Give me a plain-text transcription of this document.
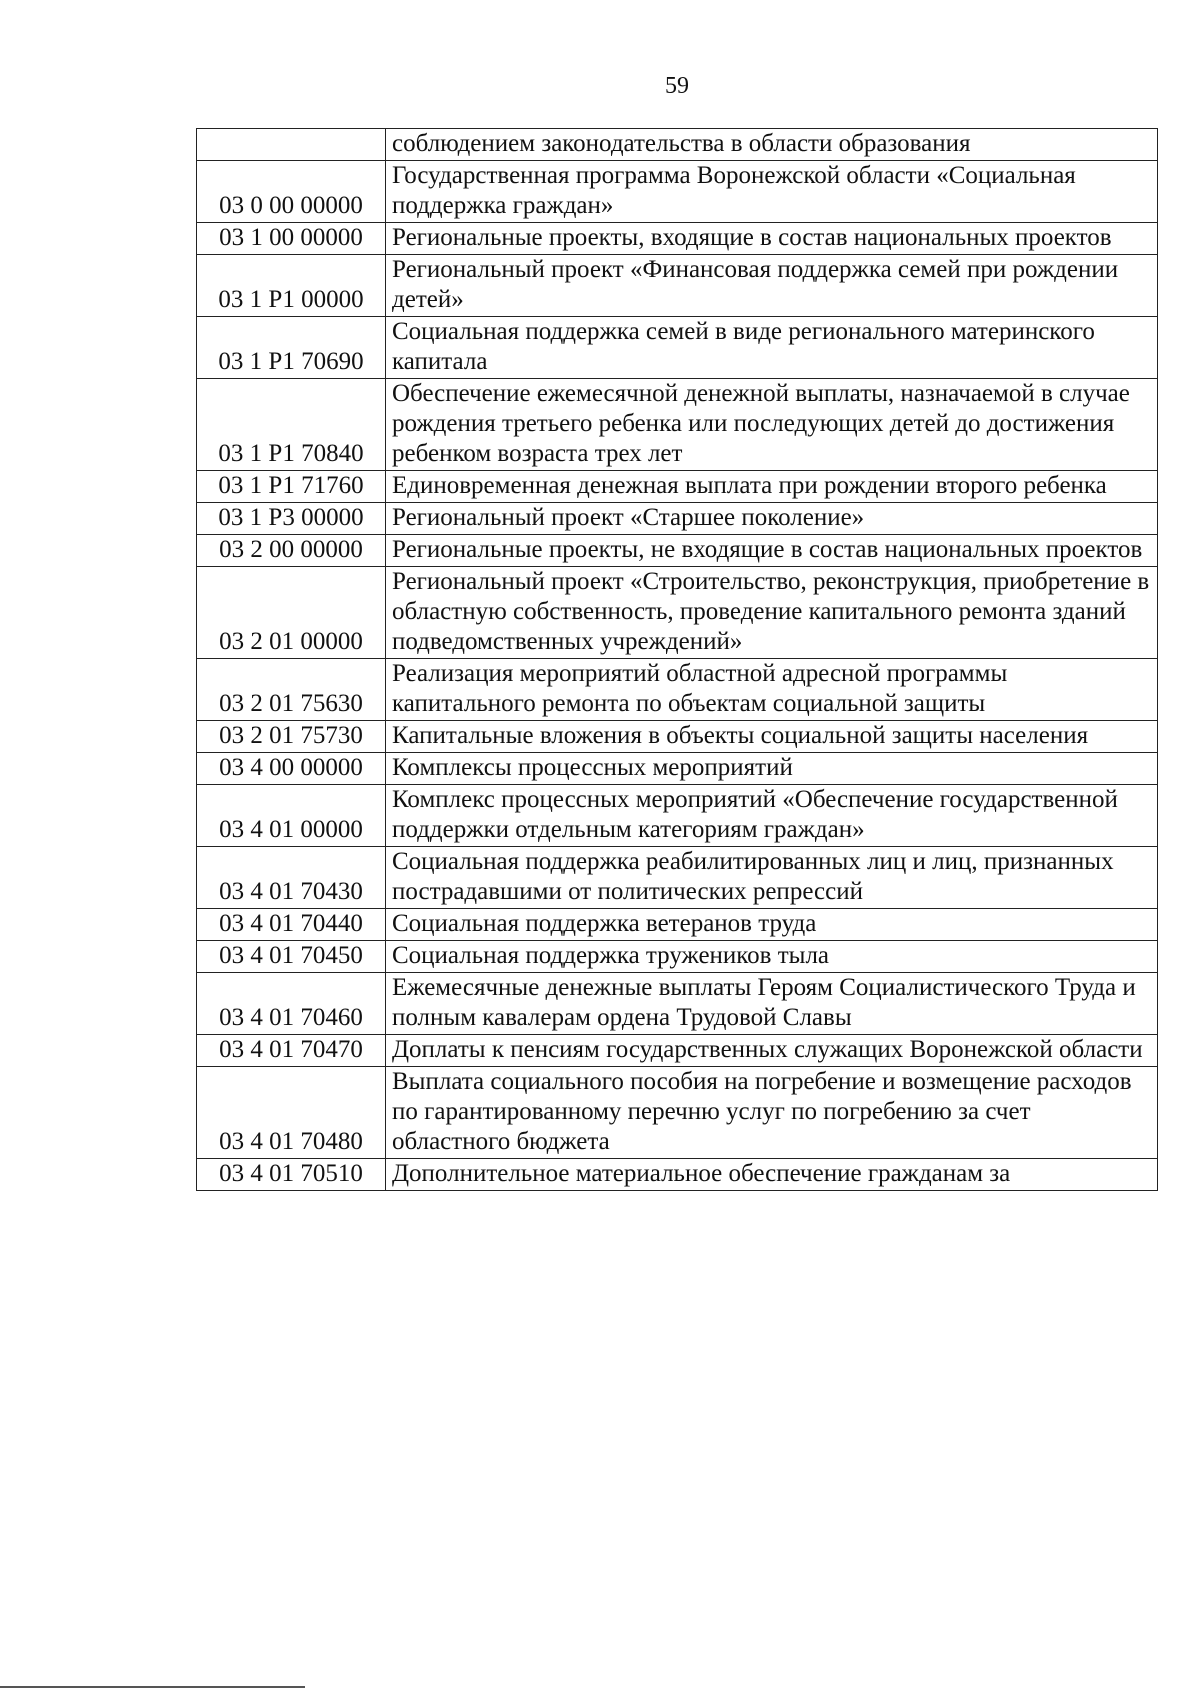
59
	соблюдением законодательства в области образования
03 0 00 00000	Государственная программа Воронежской области «Социальная поддержка граждан»
03 1 00 00000	Региональные проекты, входящие в состав национальных проектов
03 1 Р1 00000	Региональный проект «Финансовая поддержка семей при рождении детей»
03 1 Р1 70690	Социальная поддержка семей в виде регионального материнского капитала
03 1 Р1 70840	Обеспечение ежемесячной денежной выплаты, назначаемой в случае рождения третьего ребенка или последующих детей до достижения ребенком возраста трех лет
03 1 Р1 71760	Единовременная денежная выплата при рождении второго ребенка
03 1 Р3 00000	Региональный проект «Старшее поколение»
03 2 00 00000	Региональные проекты, не входящие в состав национальных проектов
03 2 01 00000	Региональный проект «Строительство, реконструкция, приобретение в областную собственность, проведение капитального ремонта зданий подведомственных учреждений»
03 2 01 75630	Реализация мероприятий областной адресной программы капитального ремонта по объектам социальной защиты
03 2 01 75730	Капитальные вложения в объекты социальной защиты населения
03 4 00 00000	Комплексы процессных мероприятий
03 4 01 00000	Комплекс процессных мероприятий «Обеспечение государственной поддержки отдельным категориям граждан»
03 4 01 70430	Социальная поддержка реабилитированных лиц и лиц, признанных пострадавшими от политических репрессий
03 4 01 70440	Социальная поддержка ветеранов труда
03 4 01 70450	Социальная поддержка тружеников тыла
03 4 01 70460	Ежемесячные денежные выплаты Героям Социалистического Труда и полным кавалерам ордена Трудовой Славы
03 4 01 70470	Доплаты к пенсиям государственных служащих Воронежской области
03 4 01 70480	Выплата социального пособия на погребение и возмещение расходов по гарантированному перечню услуг по погребению за счет областного бюджета
03 4 01 70510	Дополнительное материальное обеспечение гражданам за
